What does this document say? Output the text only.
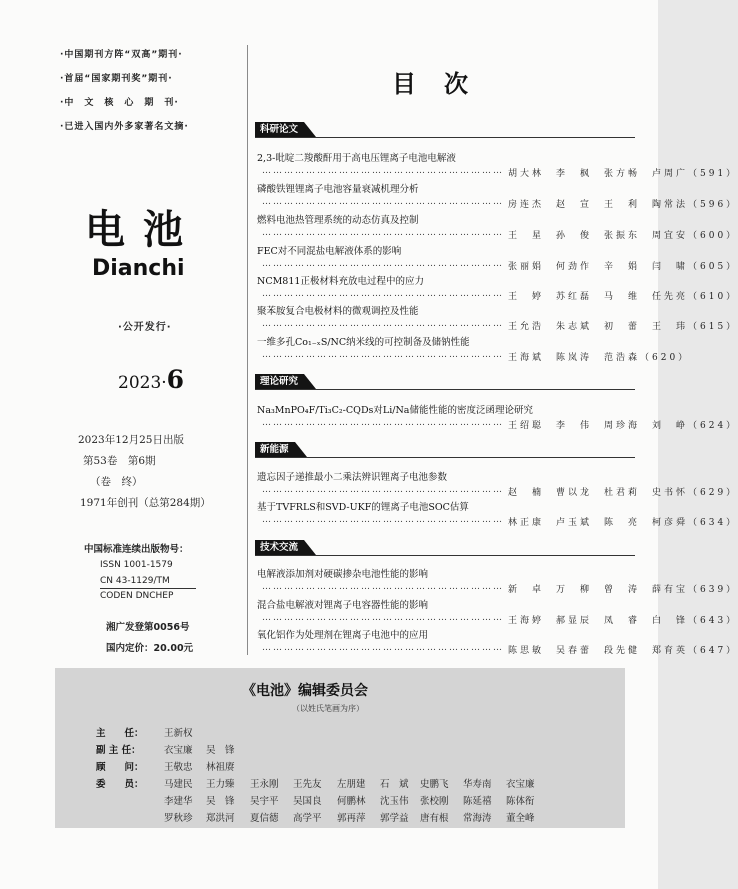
·中国期刊方阵“双高”期刊·
·首届“国家期刊奖”期刊·
·中　文　核　心　期　刊·
·已进入国内外多家著名文摘·
电池
Dianchi
·公开发行·
2023·6
2023年12月25日出版
第53卷　第6期
（卷　终）
1971年创刊（总第284期）
中国标准连续出版物号：
ISSN 1001-1579
CN 43-1129/TM
CODEN DNCHEP
湘广发登第0056号
国内定价：20.00元
目次
科研论文
2,3-吡啶二羧酸酐用于高电压锂离子电池电解液
………………………………………………………… 胡大林　李　枫　张方畅　卢周广（591）
磷酸铁锂锂离子电池容量衰减机理分析
………………………………………………………… 房连杰　赵　宣　王　利　陶常法（596）
燃料电池热管理系统的动态仿真及控制
………………………………………………………… 王　星　孙　俊　张振东　周宜安（600）
FEC对不同混盐电解液体系的影响
………………………………………………………… 张丽娟　何劲作　辛　娟　闫　啸（605）
NCM811正极材料充放电过程中的应力
………………………………………………………… 王　婷　苏红磊　马　维　任先亮（610）
聚苯胺复合电极材料的微观调控及性能
………………………………………………………… 王允浩　朱志斌　初　蕾　王　玮（615）
一维多孔Co₁₋ₓS/NC纳米线的可控制备及储钠性能
………………………………………………………… 王海斌　陈岚涛　范浩森（620）
理论研究
Na₃MnPO₄F/Ti₃C₂-CQDs对Li/Na储能性能的密度泛函理论研究
………………………………………………………… 王绍聪　李　伟　周珍海　刘　峥（624）
新能源
遗忘因子递推最小二乘法辨识锂离子电池参数
………………………………………………………… 赵　楠　曹以龙　杜君莉　史书怀（629）
基于TVFRLS和SVD-UKF的锂离子电池SOC估算
………………………………………………………… 林正康　卢玉斌　陈　亮　柯彦舜（634）
技术交流
电解液添加剂对硬碳掺杂电池性能的影响
………………………………………………………… 新　卓　万　柳　曾　涛　薛有宝（639）
混合盐电解液对锂离子电容器性能的影响
………………………………………………………… 王海婷　郝显辰　凤　睿　白　锋（643）
氧化铝作为处理剂在锂离子电池中的应用
………………………………………………………… 陈思敏　吴春蕾　段先健　郑育英（647）
《电池》编辑委员会
（以姓氏笔画为序）
主　　任： 王新权
副 主 任： 衣宝廉 吴　锋
顾　　问： 王敬忠 林祖赓
委　　员： 马建民 王力臻 王永刚 王先友 左朋建 石　斌 史鹏飞 华寿南 衣宝廉
李建华 吴　锋 吴宇平 吴国良 何鹏林 沈玉伟 张校刚 陈延禧 陈体衔
罗秋珍 郑洪河 夏信德 高学平 郭再萍 郭学益 唐有根 常海涛 董全峰
